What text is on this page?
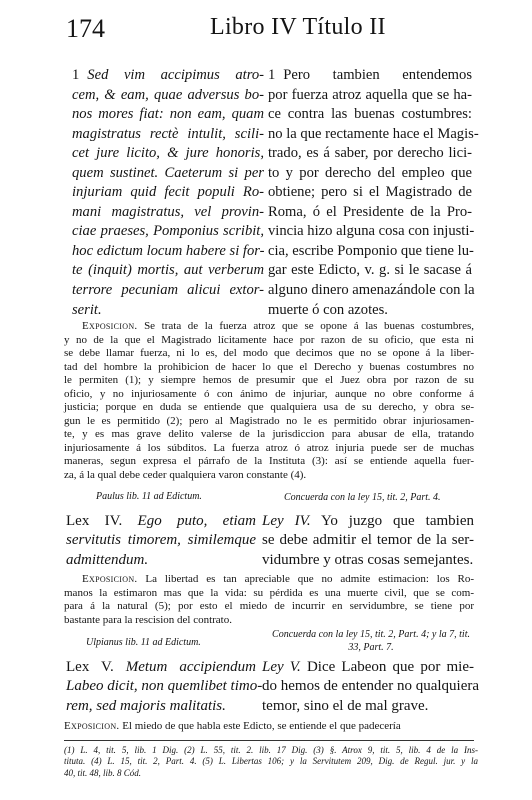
174	Libro IV Título II
1 Sed vim accipimus atro-
cem, & eam, quae adversus bo-
nos mores fiat: non eam, quam
magistratus rectè intulit, scili-
cet jure licito, & jure honoris,
quem sustinet. Caeterum si per
injuriam quid fecit populi Ro-
mani magistratus, vel provin-
ciae praeses, Pomponius scribit,
hoc edictum locum habere si for-
te (inquit) mortis, aut verberum
terrore pecuniam alicui extor-
serit.
1 Pero tambien entendemos
por fuerza atroz aquella que se ha-
ce contra las buenas costumbres:
no la que rectamente hace el Magis-
trado, es á saber, por derecho lici-
to y por derecho del empleo que
obtiene; pero si el Magistrado de
Roma, ó el Presidente de la Pro-
vincia hizo alguna cosa con injusti-
cia, escribe Pomponio que tiene lu-
gar este Edicto, v. g. si le sacase á
alguno dinero amenazándole con la
muerte ó con azotes.
Exposicion. Se trata de la fuerza atroz que se opone á las buenas costumbres,
y no de la que el Magistrado lícitamente hace por razon de su oficio, que esta ni
se debe llamar fuerza, ni lo es, del modo que decimos que no se opone á la liber-
tad del hombre la prohibicion de hacer lo que el Derecho y buenas costumbres no
le permiten (1); y siempre hemos de presumir que el Juez obra por razon de su
oficio, y no injuriosamente ó con ánimo de injuriar, aunque no obre conforme á
justicia; porque en duda se entiende que qualquiera usa de su derecho, y obra se-
gun le es permitido (2); pero al Magistrado no le es permitido obrar injuriosamen-
te, y es mas grave delito valerse de la jurisdiccion para abusar de ella, tratando
injuriosamente á los súbditos. La fuerza atroz ó atroz injuria puede ser de muchas
maneras, segun expresa el párrafo de la Instituta (3): así se entiende aquella fuer-
za, á la qual debe ceder qualquiera varon constante (4).
Paulus lib. 11 ad Edictum.	Concuerda con la ley 15, tit. 2, Part. 4.
Lex IV. Ego puto, etiam
servitutis timorem, similemque
admittendum.
Ley IV. Yo juzgo que tambien
se debe admitir el temor de la ser-
vidumbre y otras cosas semejantes.
Exposicion. La libertad es tan apreciable que no admite estimacion: los Ro-
manos la estimaron mas que la vida: su pérdida es una muerte civil, que se com-
para á la natural (5); por esto el miedo de incurrir en servidumbre, se tiene por
bastante para la rescision del contrato.
Ulpianus lib. 11 ad Edictum.
Concuerda con la ley 15, tit. 2, Part. 4; y la 7, tit.
33, Part. 7.
Lex V. Metum accipiendum
Labeo dicit, non quemlibet timo-
rem, sed majoris malitatis.
Ley V. Dice Labeon que por mie-
do hemos de entender no qualquiera
temor, sino el de mal grave.
Exposicion. El miedo de que habla este Edicto, se entiende el que padecería
(1) L. 4, tit. 5, lib. 1 Dig. (2) L. 55, tit. 2. lib. 17 Dig. (3) §. Atrox 9, tit. 5, lib. 4 de la Ins-
tituta. (4) L. 15, tit. 2, Part. 4. (5) L. Libertas 106; y la Servitutem 209, Dig. de Regul. jur. y la
40, tit. 48, lib. 8 Cód.
